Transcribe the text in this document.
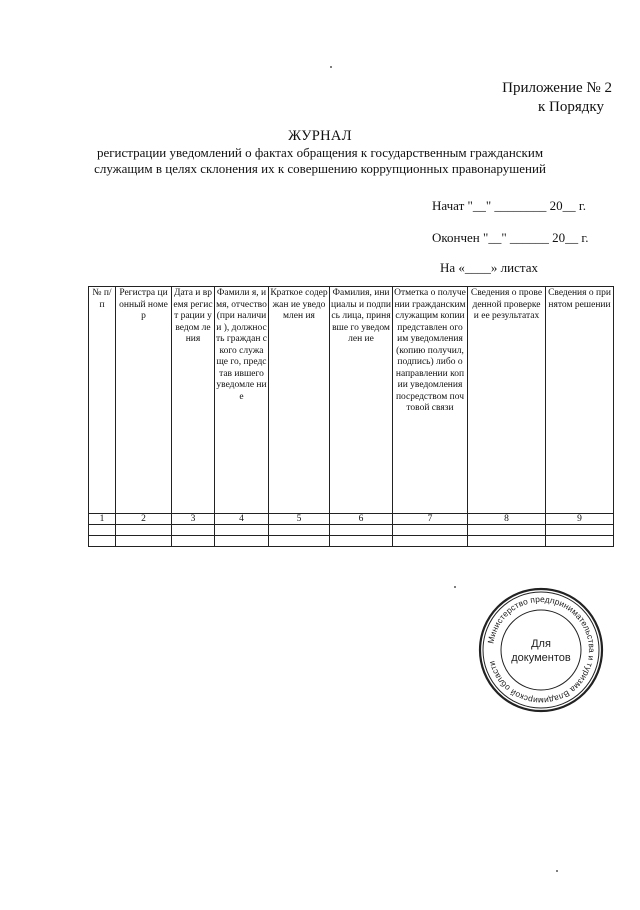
Приложение № 2
к Порядку
ЖУРНАЛ
регистрации уведомлений о фактах обращения к государственным гражданским
служащим в целях склонения их к совершению коррупционных правонарушений
Начат "__" ________ 20__ г.
Окончен "__" ______ 20__ г.
На «____» листах
№ п/п	Регистра ционный номер	Дата и время регист рации уведом ления	Фамили я, имя, отчество (при наличии ), должнос ть граждан ского служаще го, представ ившего уведомле ние	Краткое содержан ие уведомлен ия	Фамилия, инициалы и подпись лица, принявше го уведомлен ие	Отметка о получении гражданским служащим копии представлен ого им уведомления (копию получил, подпись) либо о направлении копии уведомления посредством почтовой связи	Сведения о проведенной проверке и ее результатах	Сведения о принятом решении
1	2	3	4	5	6	7	8	9

Министерство предпринимательства и туризма Владимирской области
Для
документов
